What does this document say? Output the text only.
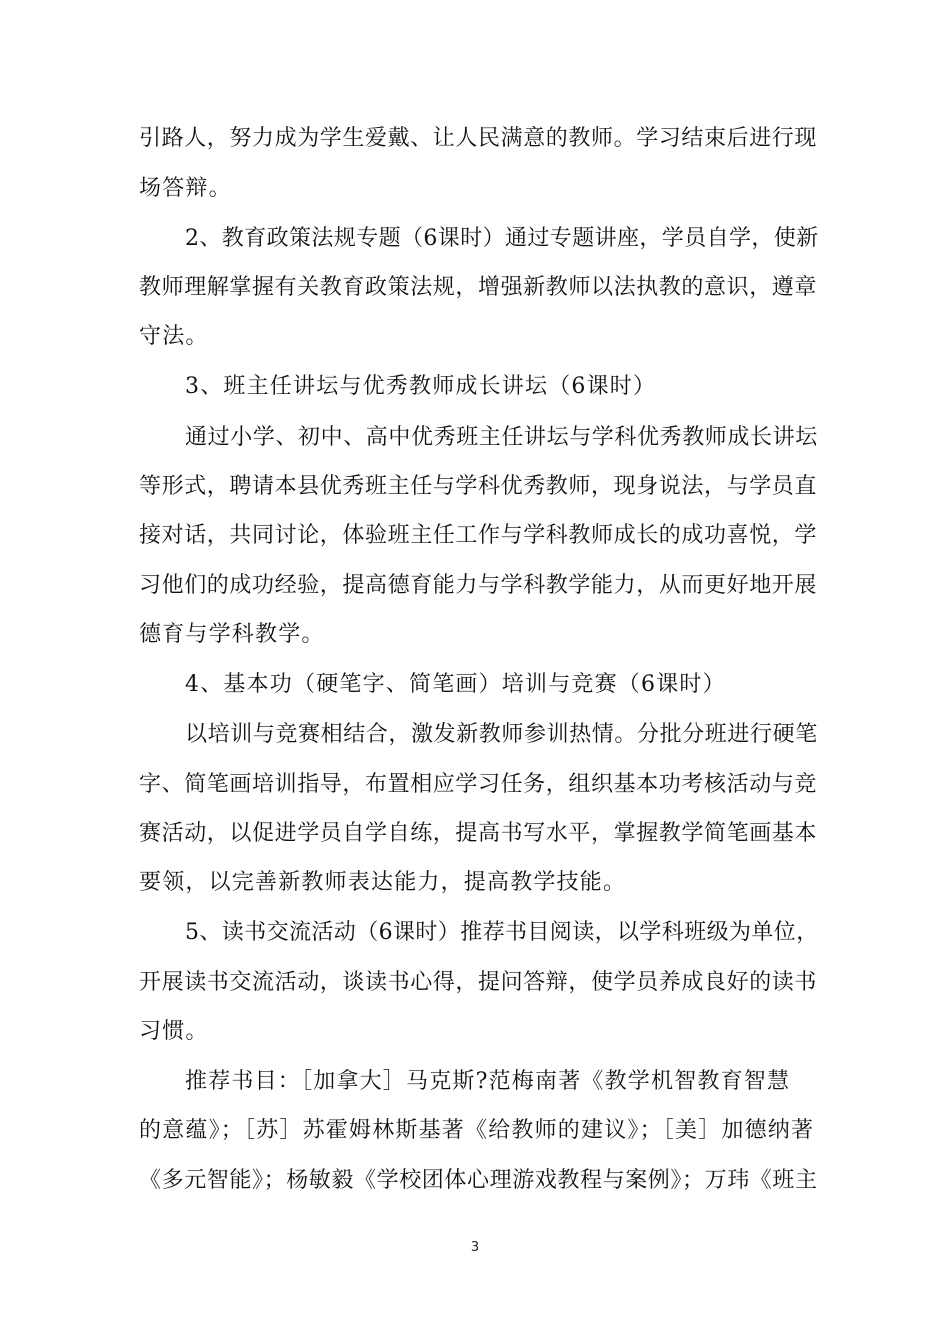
引路人，努力成为学生爱戴、让人民满意的教师。学习结束后进行现
场答辩。
2、教育政策法规专题（6课时）通过专题讲座，学员自学，使新
教师理解掌握有关教育政策法规，增强新教师以法执教的意识，遵章
守法。
3、班主任讲坛与优秀教师成长讲坛（6课时）
通过小学、初中、高中优秀班主任讲坛与学科优秀教师成长讲坛
等形式，聘请本县优秀班主任与学科优秀教师，现身说法，与学员直
接对话，共同讨论，体验班主任工作与学科教师成长的成功喜悦，学
习他们的成功经验，提高德育能力与学科教学能力，从而更好地开展
德育与学科教学。
4、基本功（硬笔字、简笔画）培训与竞赛（6课时）
以培训与竞赛相结合，激发新教师参训热情。分批分班进行硬笔
字、简笔画培训指导，布置相应学习任务，组织基本功考核活动与竞
赛活动，以促进学员自学自练，提高书写水平，掌握教学简笔画基本
要领，以完善新教师表达能力，提高教学技能。
5、读书交流活动（6课时）推荐书目阅读，以学科班级为单位，
开展读书交流活动，谈读书心得，提问答辩，使学员养成良好的读书
习惯。
推荐书目：［加拿大］马克斯?范梅南著《教学机智教育智慧
的意蕴》；［苏］苏霍姆林斯基著《给教师的建议》；［美］加德纳著
《多元智能》；杨敏毅《学校团体心理游戏教程与案例》；万玮《班主
3
